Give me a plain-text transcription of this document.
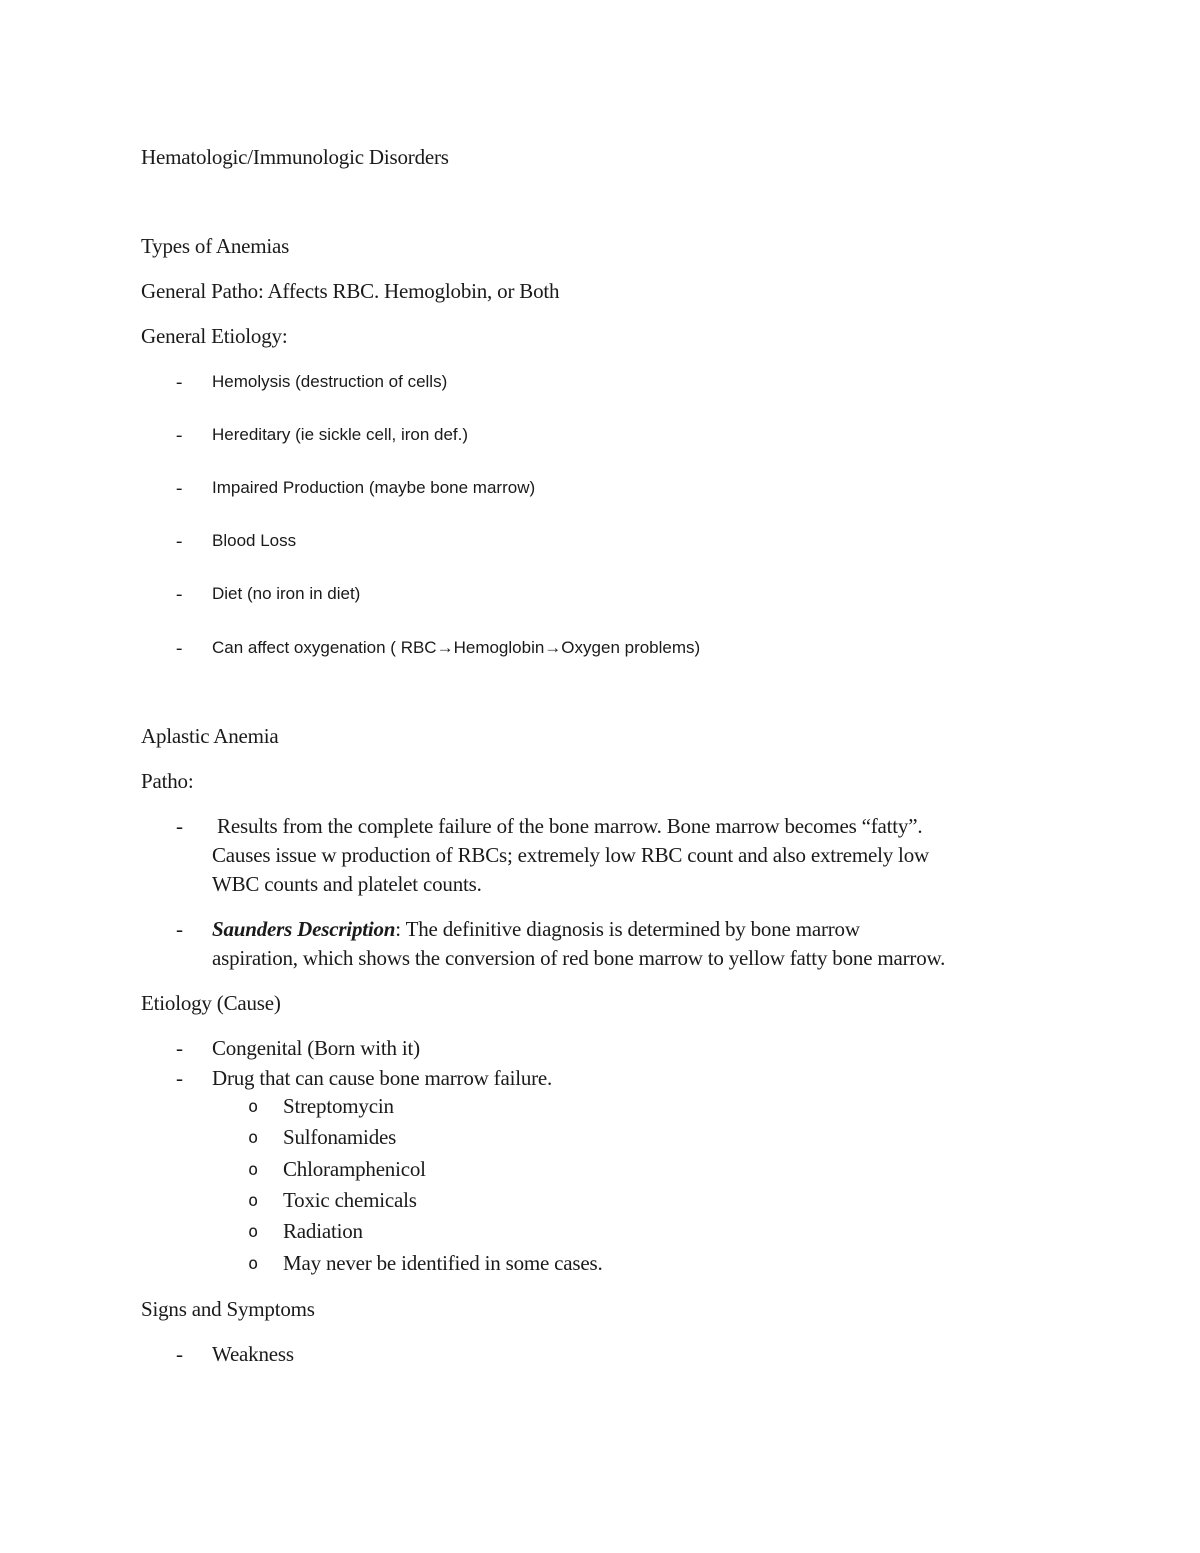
Hematologic/Immunologic Disorders
Types of Anemias
General Patho: Affects RBC. Hemoglobin, or Both
General Etiology:
- Hemolysis (destruction of cells)
- Hereditary (ie sickle cell, iron def.)
- Impaired Production (maybe bone marrow)
- Blood Loss
- Diet (no iron in diet)
- Can affect oxygenation ( RBC→Hemoglobin→Oxygen problems)
Aplastic Anemia
Patho:
- Results from the complete failure of the bone marrow. Bone marrow becomes “fatty”.
Causes issue w production of RBCs; extremely low RBC count and also extremely low
WBC counts and platelet counts.
- Saunders Description: The definitive diagnosis is determined by bone marrow
aspiration, which shows the conversion of red bone marrow to yellow fatty bone marrow.
Etiology (Cause)
- Congenital (Born with it)
- Drug that can cause bone marrow failure.
o Streptomycin
o Sulfonamides
o Chloramphenicol
o Toxic chemicals
o Radiation
o May never be identified in some cases.
Signs and Symptoms
- Weakness
